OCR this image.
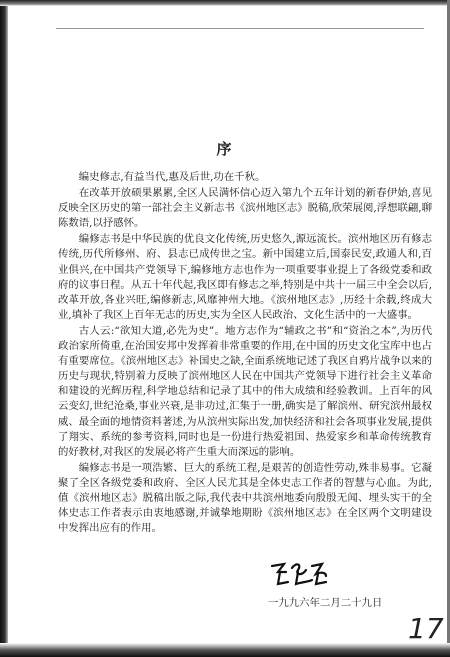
序

编史修志,有益当代,惠及后世,功在千秋。

在改革开放硕果累累,全区人民满怀信心迈入第九个五年计划的新春伊始,喜见反映全区历史的第一部社会主义新志书《滨州地区志》脱稿,欣荣展阅,浮想联翩,聊陈数语,以抒感怀。

编修志书是中华民族的优良文化传统,历史悠久,源远流长。滨州地区历有修志传统,历代所修州、府、县志已成传世之宝。新中国建立后,国泰民安,政通人和,百业俱兴,在中国共产党领导下,编修地方志也作为一项重要事业提上了各级党委和政府的议事日程。从五十年代起,我区即有修志之举,特别是中共十一届三中全会以后,改革开放,各业兴旺,编修新志,风靡神州大地。《滨州地区志》,历经十余载,终成大业,填补了我区上百年无志的历史,实为全区人民政治、文化生活中的一大盛事。

古人云:“欲知大道,必先为史”。地方志作为“辅政之书”和“资治之本”,为历代政治家所倚重,在治国安邦中发挥着非常重要的作用,在中国的历史文化宝库中也占有重要席位。《滨州地区志》补国史之缺,全面系统地记述了我区自鸦片战争以来的历史与现状,特别着力反映了滨州地区人民在中国共产党领导下进行社会主义革命和建设的光辉历程,科学地总结和记录了其中的伟大成绩和经验教训。上百年的风云变幻,世纪沧桑,事业兴衰,是非功过,汇集于一册,确实是了解滨州、研究滨州最权威、最全面的地情资料著述,为从滨州实际出发,加快经济和社会各项事业发展,提供了翔实、系统的参考资料,同时也是一份进行热爱祖国、热爱家乡和革命传统教育的好教材,对我区的发展必将产生重大而深远的影响。

编修志书是一项浩繁、巨大的系统工程,是艰苦的创造性劳动,殊非易事。它凝聚了全区各级党委和政府、全区人民尤其是全体史志工作者的智慧与心血。为此,值《滨州地区志》脱稿出版之际,我代表中共滨州地委向殷殷无闻、埋头实干的全体史志工作者表示由衷地感谢,并诚挚地期盼《滨州地区志》在全区两个文明建设中发挥出应有的作用。

一九九六年二月二十九日
17
